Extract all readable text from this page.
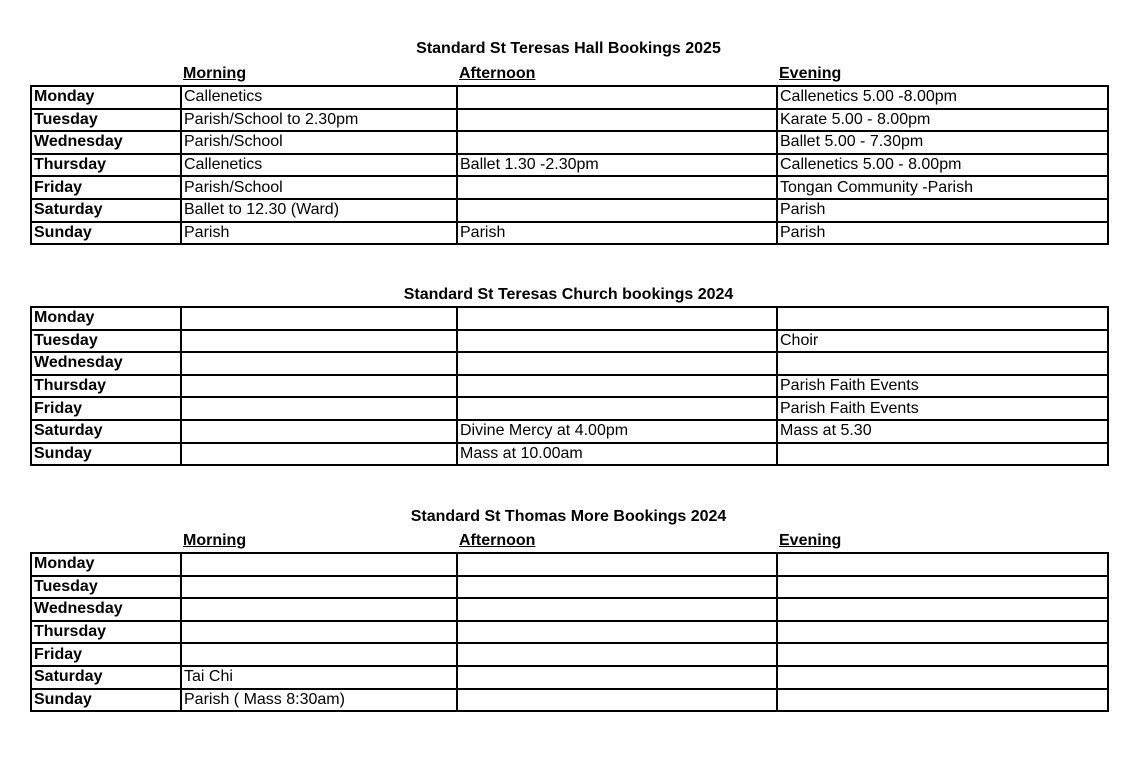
Standard St Teresas Hall Bookings 2025
Morning	Afternoon	Evening
Monday	Callenetics		Callenetics 5.00 -8.00pm
Tuesday	Parish/School to 2.30pm		Karate 5.00 - 8.00pm
Wednesday	Parish/School		Ballet 5.00 - 7.30pm
Thursday	Callenetics	Ballet 1.30 -2.30pm	Callenetics 5.00 - 8.00pm
Friday	Parish/School		Tongan Community -Parish
Saturday	Ballet to 12.30 (Ward)		Parish
Sunday	Parish	Parish	Parish
Standard St Teresas Church bookings 2024
Monday			
Tuesday			Choir
Wednesday			
Thursday			Parish Faith Events
Friday			Parish Faith Events
Saturday		Divine Mercy at 4.00pm	Mass at 5.30
Sunday		Mass at 10.00am	
Standard St Thomas More Bookings 2024
Morning	Afternoon	Evening
Monday			
Tuesday			
Wednesday			
Thursday			
Friday			
Saturday	Tai Chi		
Sunday	Parish ( Mass 8:30am)		
